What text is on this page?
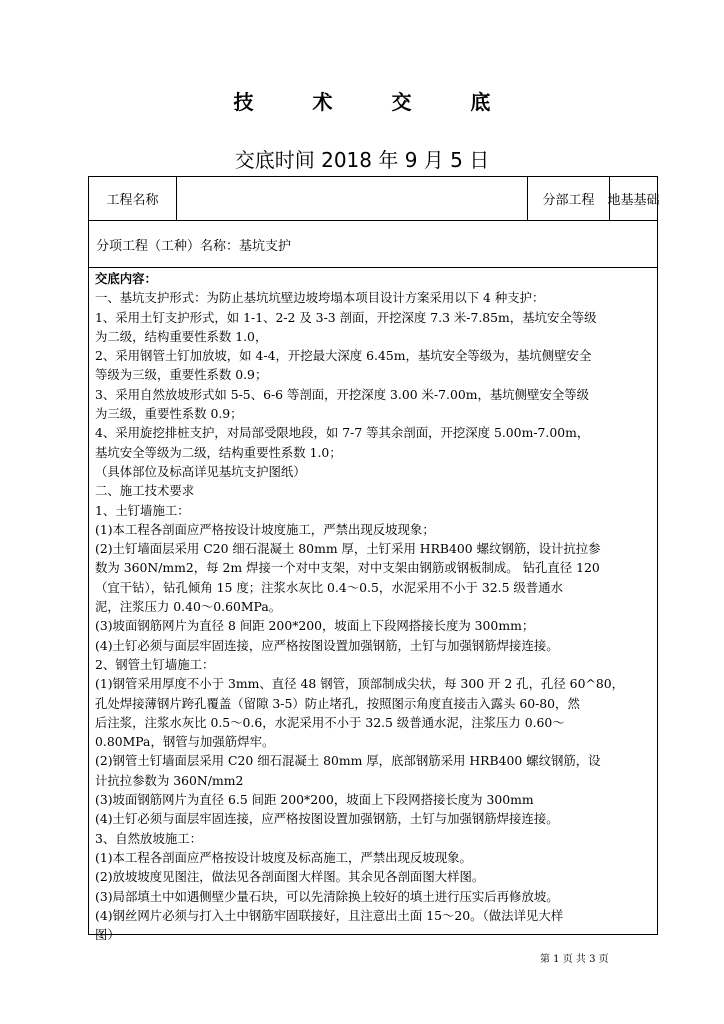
技 术 交 底
交底时间 2018 年 9 月 5 日
工程名称	分部工程	地基基础
分项工程（工种）名称：基坑支护
交底内容：
一、基坑支护形式：为防止基坑坑壁边坡垮塌本项目设计方案采用以下 4 种支护：
1、采用土钉支护形式，如 1-1、2-2 及 3-3 剖面，开挖深度 7.3 米-7.85m，基坑安全等级
为二级，结构重要性系数 1.0，
2、采用钢管土钉加放坡，如 4-4，开挖最大深度 6.45m，基坑安全等级为，基坑侧壁安全
等级为三级，重要性系数 0.9；
3、采用自然放坡形式如 5-5、6-6 等剖面，开挖深度 3.00 米-7.00m，基坑侧壁安全等级
为三级，重要性系数 0.9；
4、采用旋挖排桩支护，对局部受限地段，如 7-7 等其余剖面，开挖深度 5.00m-7.00m，
基坑安全等级为二级，结构重要性系数 1.0；
（具体部位及标高详见基坑支护图纸）
二、施工技术要求
1、土钉墙施工：
(1)本工程各剖面应严格按设计坡度施工，严禁出现反坡现象；
(2)土钉墙面层采用 C20 细石混凝土 80mm 厚，土钉采用 HRB400 螺纹钢筋，设计抗拉参
数为 360N/mm2，每 2m 焊接一个对中支架，对中支架由钢筋或钢板制成。 钻孔直径 120
（宜干钻），钻孔倾角 15 度；注浆水灰比 0.4～0.5，水泥采用不小于 32.5 级普通水
泥，注浆压力 0.40～0.60MPa。
(3)坡面钢筋网片为直径 8 间距 200*200，坡面上下段网搭接长度为 300mm；
(4)土钉必须与面层牢固连接，应严格按图设置加强钢筋，土钉与加强钢筋焊接连接。
2、钢管土钉墙施工：
(1)钢管采用厚度不小于 3mm、直径 48 钢管，顶部制成尖状，每 300 开 2 孔，孔径 60^80，
孔处焊接薄钢片跨孔覆盖（留隙 3-5）防止堵孔，按照图示角度直接击入露头 60-80，然
后注浆，注浆水灰比 0.5～0.6，水泥采用不小于 32.5 级普通水泥，注浆压力 0.60～
0.80MPa，钢管与加强筋焊牢。
(2)钢管土钉墙面层采用 C20 细石混凝土 80mm 厚，底部钢筋采用 HRB400 螺纹钢筋，设
计抗拉参数为 360N/mm2
(3)坡面钢筋网片为直径 6.5 间距 200*200，坡面上下段网搭接长度为 300mm
(4)土钉必须与面层牢固连接，应严格按图设置加强钢筋，土钉与加强钢筋焊接连接。
3、自然放坡施工：
(1)本工程各剖面应严格按设计坡度及标高施工，严禁出现反坡现象。
(2)放坡坡度见图注，做法见各剖面图大样图。其余见各剖面图大样图。
(3)局部填土中如遇侧壁少量石块，可以先清除换上较好的填土进行压实后再修放坡。
(4)钢丝网片必须与打入土中钢筋牢固联接好，且注意出土面 15～20。（做法详见大样
图）
第 1 页 共 3 页
